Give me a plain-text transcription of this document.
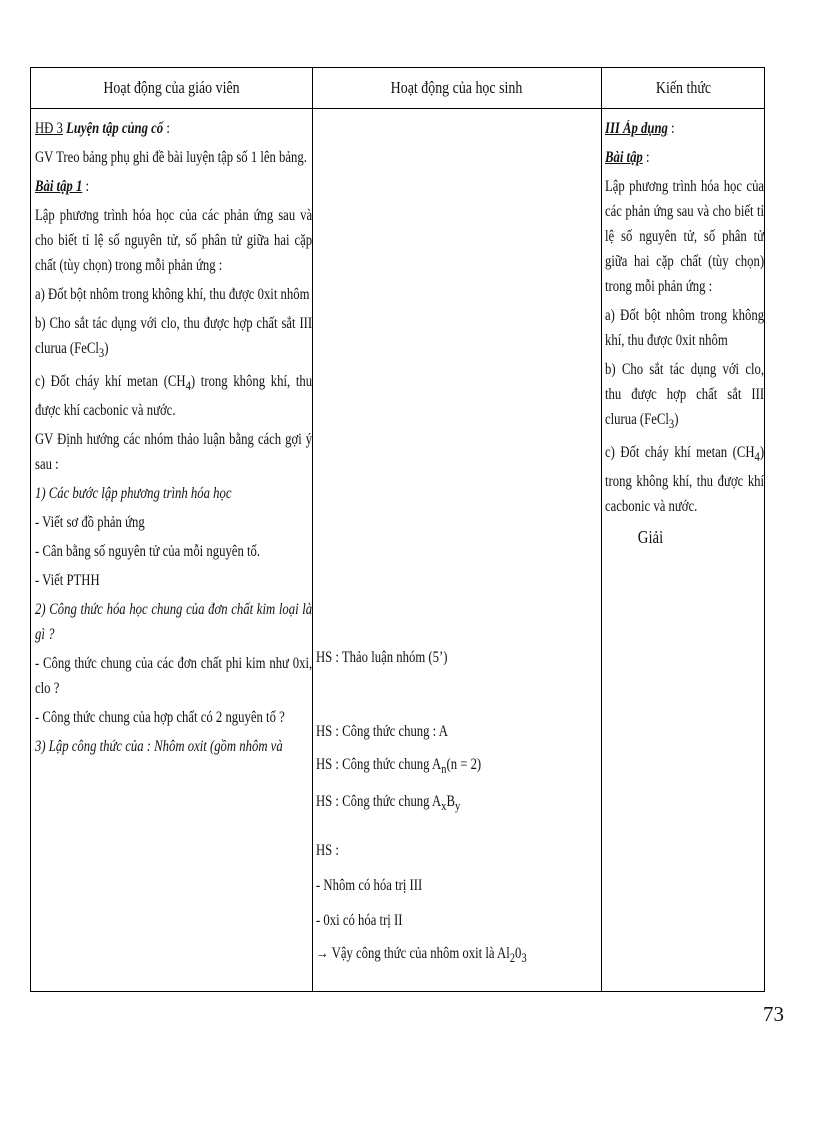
Hoạt động của giáo viên	Hoạt động của học sinh	Kiến thức

HĐ 3 Luyện tập củng cố :

GV Treo bảng phụ ghi đề bài luyện tập số 1 lên bảng.

Bài tập 1 :

Lập phương trình hóa học của các phản ứng sau và cho biết tỉ lệ số nguyên tử, số phân tử giữa hai cặp chất (tùy chọn) trong mỗi phản ứng :

a) Đốt bột nhôm trong không khí, thu được 0xit nhôm

b) Cho sắt tác dụng với clo, thu được hợp chất sắt III clurua (FeCl$_3$)

c) Đốt cháy khí metan $(CH_4)$ trong không khí, thu được khí cacbonic và nước.

GV Định hướng các nhóm thảo luận bằng cách gợi ý sau :

1) Các bước lập phương trình hóa học

- Viết sơ đồ phản ứng

- Cân bằng số nguyên tử của mỗi nguyên tố.

- Viết PTHH

2) Công thức hóa học chung của đơn chất kim loại là gì ?

- Công thức chung của các đơn chất phi kim như 0xi, clo ?

- Công thức chung của hợp chất có 2 nguyên tố ?

3) Lập công thức của : Nhôm oxit (gồm nhôm và

HS : Thảo luận nhóm (5’)

HS : Công thức chung : A

HS : Công thức chung $A_n(n = 2)$

HS : Công thức chung $A_xB_y$

HS :

- Nhôm có hóa trị III

- 0xi có hóa trị II

→ Vậy công thức của nhôm oxit là $Al_20_3$

III Áp dụng :

Bài tập :

Lập phương trình hóa học của các phản ứng sau và cho biết tỉ lệ số nguyên tử, số phân tử giữa hai cặp chất (tùy chọn) trong mỗi phản ứng :

a) Đốt bột nhôm trong không khí, thu được 0xit nhôm

b) Cho sắt tác dụng với clo, thu được hợp chất sắt III clurua (FeCl$_3$)

c) Đốt cháy khí metan $(CH_4)$ trong không khí, thu được khí cacbonic và nước.

Giải

73
